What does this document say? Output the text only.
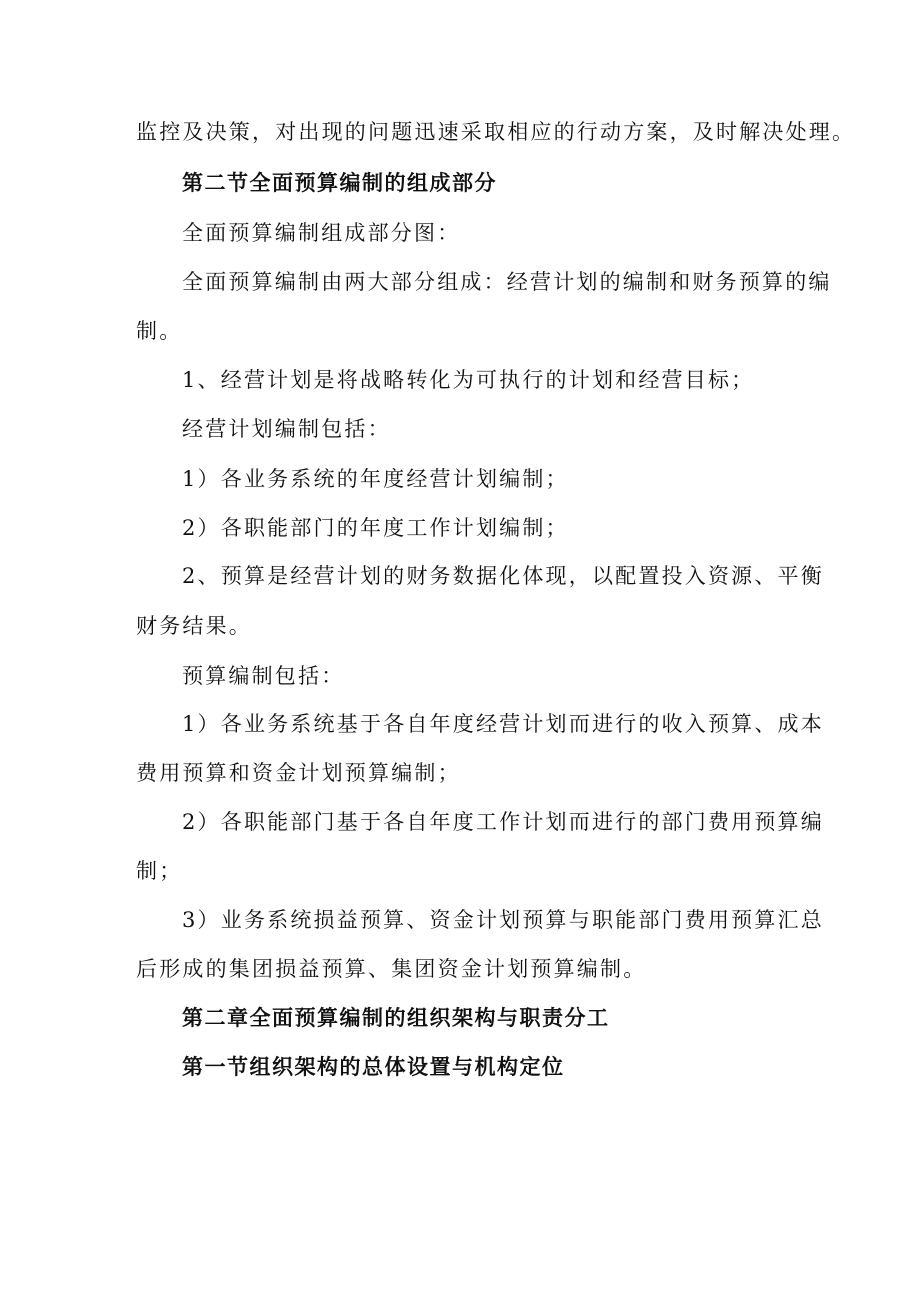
监控及决策，对出现的问题迅速采取相应的行动方案，及时解决处理。

第二节全面预算编制的组成部分

全面预算编制组成部分图：

全面预算编制由两大部分组成：经营计划的编制和财务预算的编

制。

1、经营计划是将战略转化为可执行的计划和经营目标；

经营计划编制包括：

1）各业务系统的年度经营计划编制；

2）各职能部门的年度工作计划编制；

2、预算是经营计划的财务数据化体现，以配置投入资源、平衡

财务结果。

预算编制包括：

1）各业务系统基于各自年度经营计划而进行的收入预算、成本

费用预算和资金计划预算编制；

2）各职能部门基于各自年度工作计划而进行的部门费用预算编

制；

3）业务系统损益预算、资金计划预算与职能部门费用预算汇总

后形成的集团损益预算、集团资金计划预算编制。

第二章全面预算编制的组织架构与职责分工

第一节组织架构的总体设置与机构定位
